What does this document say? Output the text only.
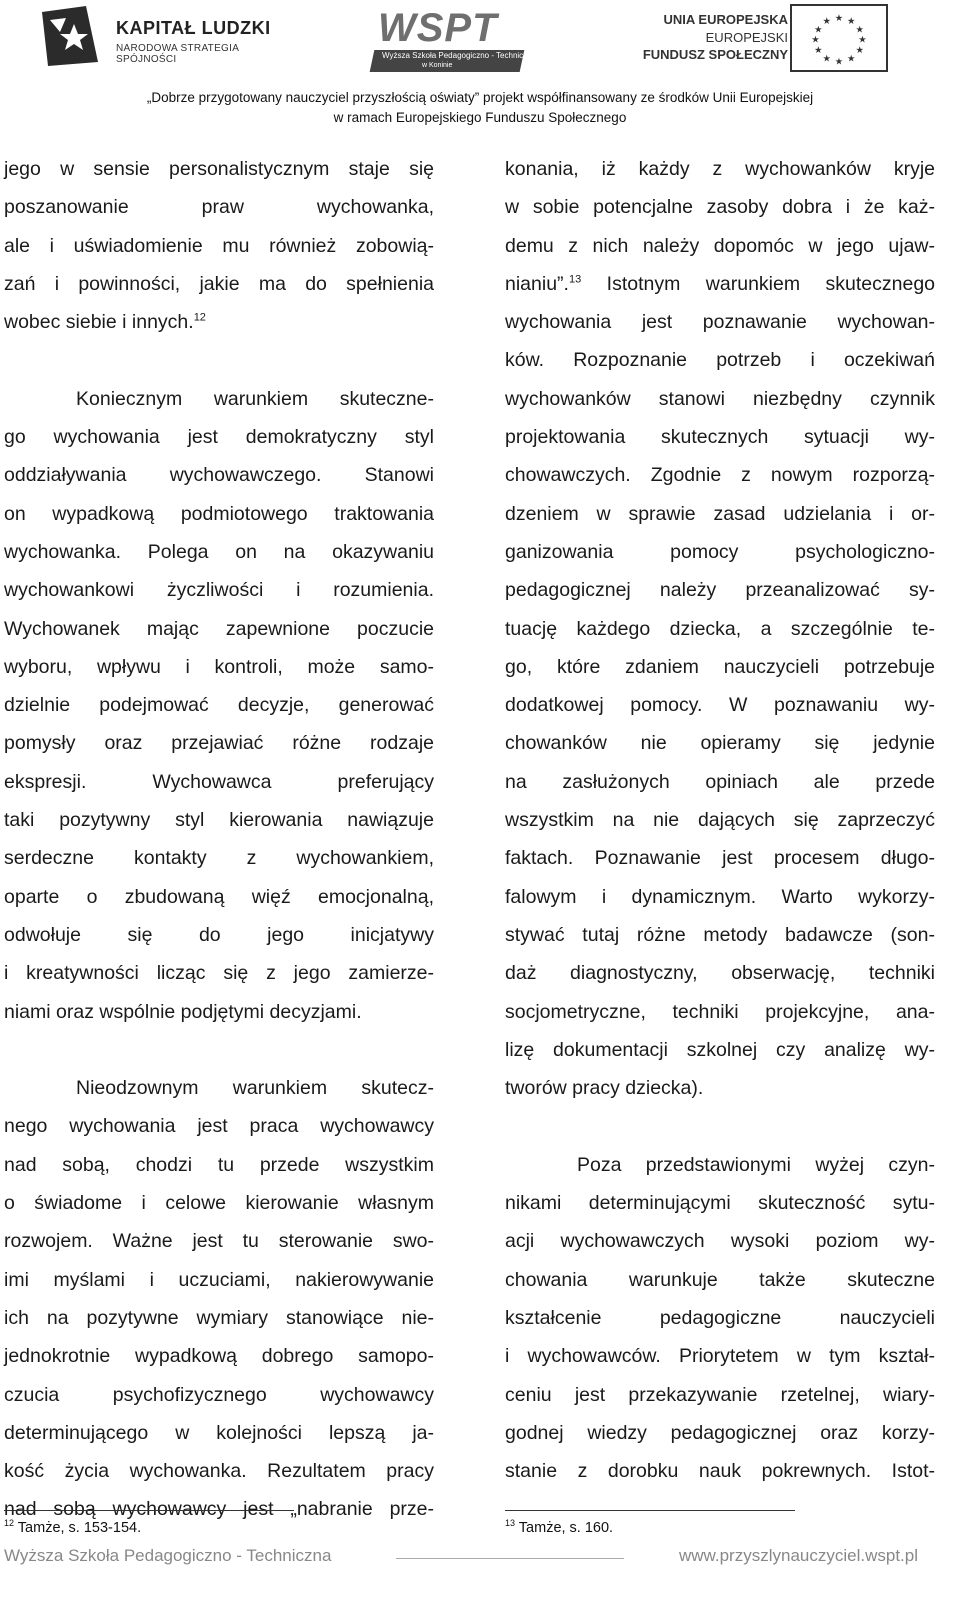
KAPITAŁ LUDZKI
NARODOWA STRATEGIA SPÓJNOŚCI
WSPT
Wyższa Szkoła Pedagogiczno - Techniczna
w Koninie
UNIA EUROPEJSKA
EUROPEJSKI
FUNDUSZ SPOŁECZNY
★ ★
★
★
★
★
★
★
★
★
★
★
„Dobrze przygotowany nauczyciel przyszłością oświaty” projekt współfinansowany ze środków Unii Europejskiej
w ramach Europejskiego Funduszu Społecznego
jego w sensie personalistycznym staje się
poszanowanie praw wychowanka,
ale i uświadomienie mu również zobowią-
zań i powinności, jakie ma do spełnienia
wobec siebie i innych.$^{12}$
Koniecznym warunkiem skuteczne-
go wychowania jest demokratyczny styl
oddziaływania wychowawczego. Stanowi
on wypadkową podmiotowego traktowania
wychowanka. Polega on na okazywaniu
wychowankowi życzliwości i rozumienia.
Wychowanek mając zapewnione poczucie
wyboru, wpływu i kontroli, może samo-
dzielnie podejmować decyzje, generować
pomysły oraz przejawiać różne rodzaje
ekspresji. Wychowawca preferujący
taki pozytywny styl kierowania nawiązuje
serdeczne kontakty z wychowankiem,
oparte o zbudowaną więź emocjonalną,
odwołuje się do jego inicjatywy
i kreatywności licząc się z jego zamierze-
niami oraz wspólnie podjętymi decyzjami.
Nieodzownym warunkiem skutecz-
nego wychowania jest praca wychowawcy
nad sobą, chodzi tu przede wszystkim
o świadome i celowe kierowanie własnym
rozwojem. Ważne jest tu sterowanie swo-
imi myślami i uczuciami, nakierowywanie
ich na pozytywne wymiary stanowiące nie-
jednokrotnie wypadkową dobrego samopo-
czucia psychofizycznego wychowawcy
determinującego w kolejności lepszą ja-
kość życia wychowanka. Rezultatem pracy
nad sobą wychowawcy jest „nabranie prze-
konania, iż każdy z wychowanków kryje
w sobie potencjalne zasoby dobra i że każ-
demu z nich należy dopomóc w jego ujaw-
nianiu”.$^{13}$ Istotnym warunkiem skutecznego
wychowania jest poznawanie wychowan-
ków. Rozpoznanie potrzeb i oczekiwań
wychowanków stanowi niezbędny czynnik
projektowania skutecznych sytuacji wy-
chowawczych. Zgodnie z nowym rozporzą-
dzeniem w sprawie zasad udzielania i or-
ganizowania pomocy psychologiczno-
pedagogicznej należy przeanalizować sy-
tuację każdego dziecka, a szczególnie te-
go, które zdaniem nauczycieli potrzebuje
dodatkowej pomocy. W poznawaniu wy-
chowanków nie opieramy się jedynie
na zasłużonych opiniach ale przede
wszystkim na nie dających się zaprzeczyć
faktach. Poznawanie jest procesem długo-
falowym i dynamicznym. Warto wykorzy-
stywać tutaj różne metody badawcze (son-
daż diagnostyczny, obserwację, techniki
socjometryczne, techniki projekcyjne, ana-
lizę dokumentacji szkolnej czy analizę wy-
tworów pracy dziecka).
Poza przedstawionymi wyżej czyn-
nikami determinującymi skuteczność sytu-
acji wychowawczych wysoki poziom wy-
chowania warunkuje także skuteczne
kształcenie pedagogiczne nauczycieli
i wychowawców. Priorytetem w tym kształ-
ceniu jest przekazywanie rzetelnej, wiary-
godnej wiedzy pedagogicznej oraz korzy-
stanie z dorobku nauk pokrewnych. Istot-
$^{12}$ Tamże, s. 153-154.	$^{13}$ Tamże, s. 160.
Wyższa Szkoła Pedagogiczno - Techniczna	www.przyszlynauczyciel.wspt.pl
